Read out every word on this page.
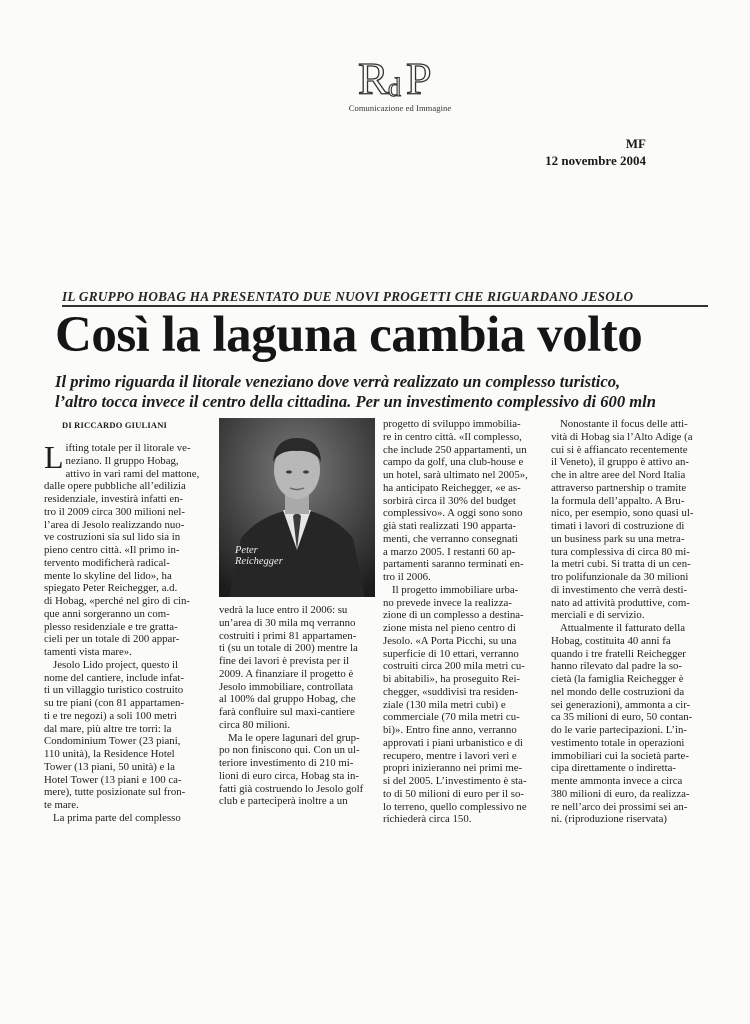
R d P
Comunicazione ed Immagine
MF
12 novembre 2004
IL GRUPPO HOBAG HA PRESENTATO DUE NUOVI PROGETTI CHE RIGUARDANO JESOLO
Così la laguna cambia volto
Il primo riguarda il litorale veneziano dove verrà realizzato un complesso turistico,
l’altro tocca invece il centro della cittadina. Per un investimento complessivo di 600 mln
DI RICCARDO GIULIANI
Peter
Reichegger
L ifting totale per il litorale ve-
neziano. Il gruppo Hobag,
attivo in vari rami del mattone,
dalle opere pubbliche all’edilizia
residenziale, investirà infatti en-
tro il 2009 circa 300 milioni nel-
l’area di Jesolo realizzando nuo-
ve costruzioni sia sul lido sia in
pieno centro città. «Il primo in-
tervento modificherà radical-
mente lo skyline del lido», ha
spiegato Peter Reichegger, a.d.
di Hobag, «perché nel giro di cin-
que anni sorgeranno un com-
plesso residenziale e tre gratta-
cieli per un totale di 200 appar-
tamenti vista mare».
Jesolo Lido project, questo il
nome del cantiere, include infat-
ti un villaggio turistico costruito
su tre piani (con 81 appartamen-
ti e tre negozi) a soli 100 metri
dal mare, più altre tre torri: la
Condominium Tower (23 piani,
110 unità), la Residence Hotel
Tower (13 piani, 50 unità) e la
Hotel Tower (13 piani e 100 ca-
mere), tutte posizionate sul fron-
te mare.
La prima parte del complesso
vedrà la luce entro il 2006: su
un’area di 30 mila mq verranno
costruiti i primi 81 appartamen-
ti (su un totale di 200) mentre la
fine dei lavori è prevista per il
2009. A finanziare il progetto è
Jesolo immobiliare, controllata
al 100% dal gruppo Hobag, che
farà confluire sul maxi-cantiere
circa 80 milioni.
Ma le opere lagunari del grup-
po non finiscono qui. Con un ul-
teriore investimento di 210 mi-
lioni di euro circa, Hobag sta in-
fatti già costruendo lo Jesolo golf
club e parteciperà inoltre a un
progetto di sviluppo immobilia-
re in centro città. «Il complesso,
che include 250 appartamenti, un
campo da golf, una club-house e
un hotel, sarà ultimato nel 2005»,
ha anticipato Reichegger, «e as-
sorbirà circa il 30% del budget
complessivo». A oggi sono sono
già stati realizzati 190 apparta-
menti, che verranno consegnati
a marzo 2005. I restanti 60 ap-
partamenti saranno terminati en-
tro il 2006.
Il progetto immobiliare urba-
no prevede invece la realizza-
zione di un complesso a destina-
zione mista nel pieno centro di
Jesolo. «A Porta Picchi, su una
superficie di 10 ettari, verranno
costruiti circa 200 mila metri cu-
bi abitabili», ha proseguito Rei-
chegger, «suddivisi tra residen-
ziale (130 mila metri cubi) e
commerciale (70 mila metri cu-
bi)». Entro fine anno, verranno
approvati i piani urbanistico e di
recupero, mentre i lavori veri e
propri inizieranno nei primi me-
si del 2005. L’investimento è sta-
to di 50 milioni di euro per il so-
lo terreno, quello complessivo ne
richiederà circa 150.
Nonostante il focus delle atti-
vità di Hobag sia l’Alto Adige (a
cui si è affiancato recentemente
il Veneto), il gruppo è attivo an-
che in altre aree del Nord Italia
attraverso partnership o tramite
la formula dell’appalto. A Bru-
nico, per esempio, sono quasi ul-
timati i lavori di costruzione di
un business park su una metra-
tura complessiva di circa 80 mi-
la metri cubi. Si tratta di un cen-
tro polifunzionale da 30 milioni
di investimento che verrà desti-
nato ad attività produttive, com-
merciali e di servizio.
Attualmente il fatturato della
Hobag, costituita 40 anni fa
quando i tre fratelli Reichegger
hanno rilevato dal padre la so-
cietà (la famiglia Reichegger è
nel mondo delle costruzioni da
sei generazioni), ammonta a cir-
ca 35 milioni di euro, 50 contan-
do le varie partecipazioni. L’in-
vestimento totale in operazioni
immobiliari cui la società parte-
cipa direttamente o indiretta-
mente ammonta invece a circa
380 milioni di euro, da realizza-
re nell’arco dei prossimi sei an-
ni. (riproduzione riservata)
